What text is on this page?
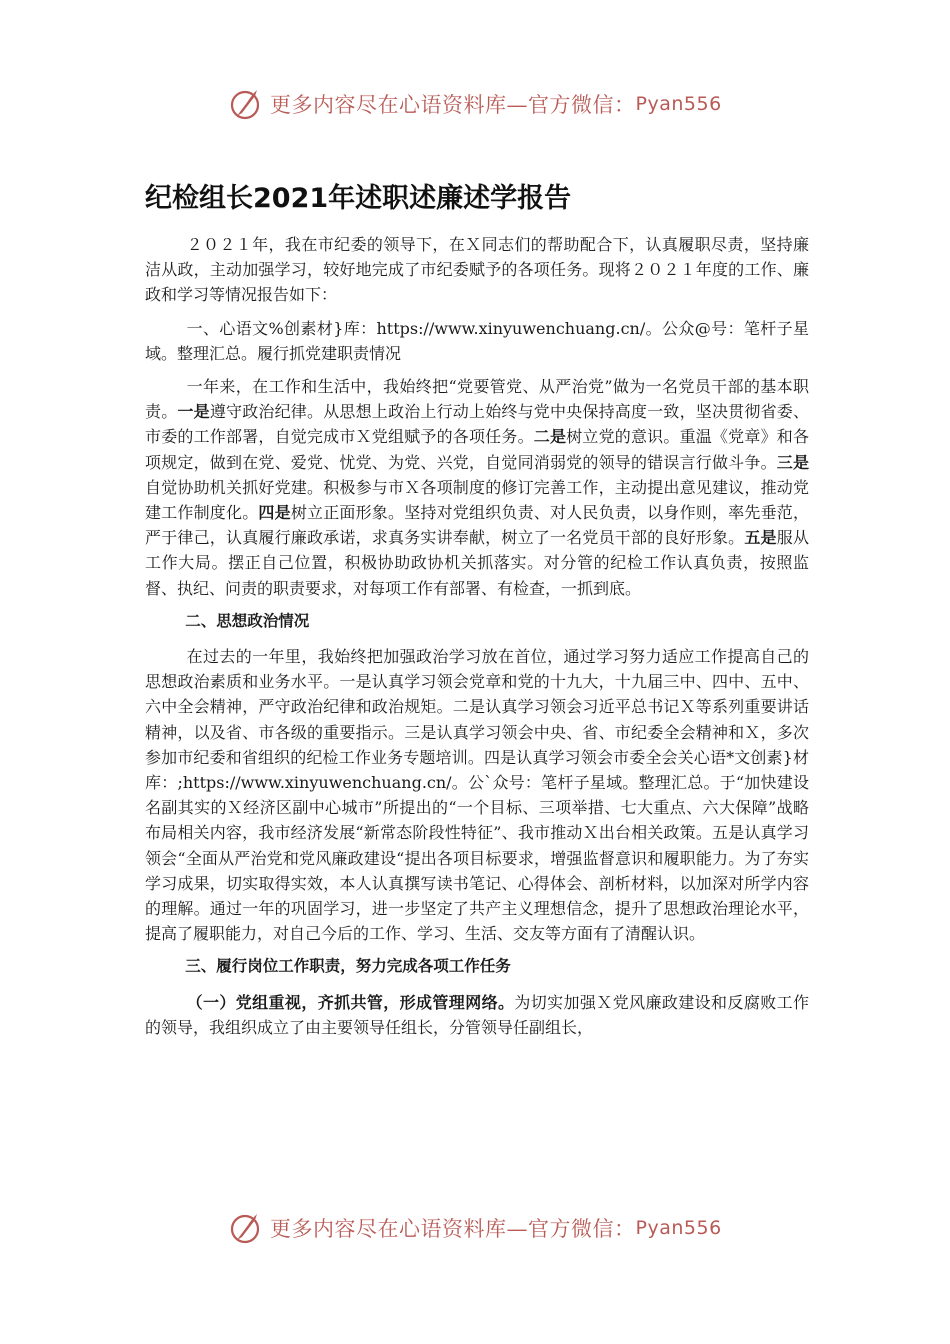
更多内容尽在心语资料库—官方微信： Pyan556
纪检组长2021年述职述廉述学报告

２０２１年，我在市纪委的领导下，在Ｘ同志们的帮助配合下，认真履职尽责，坚持廉洁从政，主动加强学习，较好地完成了市纪委赋予的各项任务。现将２０２１年度的工作、廉政和学习等情况报告如下：

一、心语文%创素材}库：https://www.xinyuwenchuang.cn/。公众@号：笔杆子星域。整理汇总。履行抓党建职责情况

一年来，在工作和生活中，我始终把“党要管党、从严治党”做为一名党员干部的基本职责。一是遵守政治纪律。从思想上政治上行动上始终与党中央保持高度一致，坚决贯彻省委、市委的工作部署，自觉完成市Ｘ党组赋予的各项任务。二是树立党的意识。重温《党章》和各项规定，做到在党、爱党、忧党、为党、兴党，自觉同消弱党的领导的错误言行做斗争。三是自觉协助机关抓好党建。积极参与市Ｘ各项制度的修订完善工作，主动提出意见建议，推动党建工作制度化。四是树立正面形象。坚持对党组织负责、对人民负责，以身作则，率先垂范，严于律己，认真履行廉政承诺，求真务实讲奉献，树立了一名党员干部的良好形象。五是服从工作大局。摆正自己位置，积极协助政协机关抓落实。对分管的纪检工作认真负责，按照监督、执纪、问责的职责要求，对每项工作有部署、有检查，一抓到底。

二、思想政治情况

在过去的一年里，我始终把加强政治学习放在首位，通过学习努力适应工作提高自己的思想政治素质和业务水平。一是认真学习领会党章和党的十九大，十九届三中、四中、五中、六中全会精神，严守政治纪律和政治规矩。二是认真学习领会习近平总书记Ｘ等系列重要讲话精神，以及省、市各级的重要指示。三是认真学习领会中央、省、市纪委全会精神和Ｘ，多次参加市纪委和省组织的纪检工作业务专题培训。四是认真学习领会市委全会关心语*文创素}材库：;https://www.xinyuwenchuang.cn/。公`众号：笔杆子星域。整理汇总。于“加快建设名副其实的Ｘ经济区副中心城市”所提出的“一个目标、三项举措、七大重点、六大保障”战略布局相关内容，我市经济发展“新常态阶段性特征”、我市推动Ｘ出台相关政策。五是认真学习领会“全面从严治党和党风廉政建设“提出各项目标要求，增强监督意识和履职能力。为了夯实学习成果，切实取得实效，本人认真撰写读书笔记、心得体会、剖析材料，以加深对所学内容的理解。通过一年的巩固学习，进一步坚定了共产主义理想信念，提升了思想政治理论水平，提高了履职能力，对自己今后的工作、学习、生活、交友等方面有了清醒认识。

三、履行岗位工作职责，努力完成各项工作任务

（一）党组重视，齐抓共管，形成管理网络。为切实加强Ｘ党风廉政建设和反腐败工作的领导，我组织成立了由主要领导任组长，分管领导任副组长，

更多内容尽在心语资料库—官方微信： Pyan556
